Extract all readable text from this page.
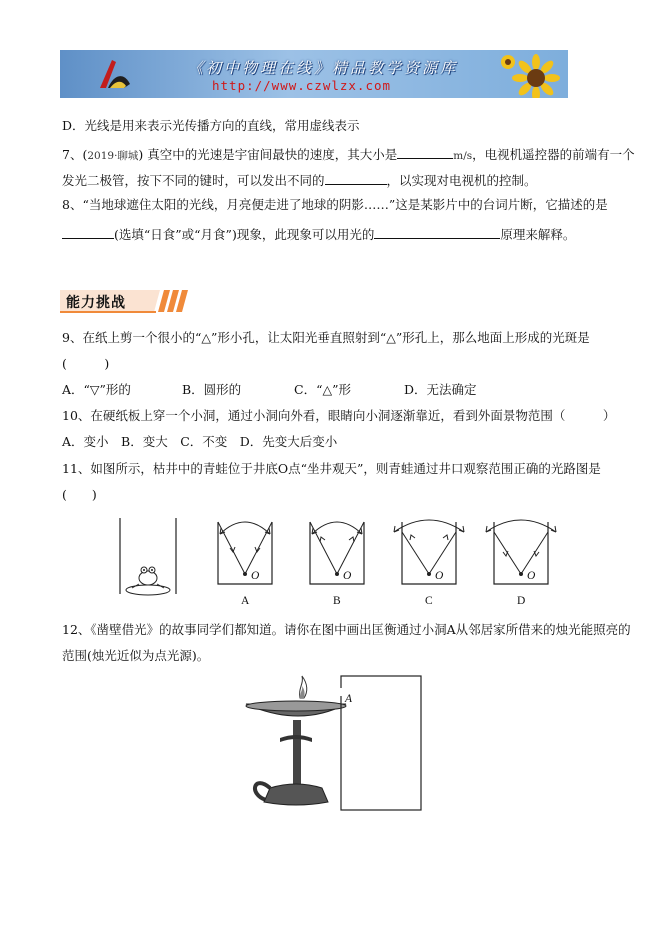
《初中物理在线》精品教学资源库
http://www.czwlzx.com
D．光线是用来表示光传播方向的直线，常用虚线表示
7、(2019·聊城) 真空中的光速是宇宙间最快的速度，其大小是	m/s，电视机遥控器的前端有一个
发光二极管，按下不同的键时，可以发出不同的	，以实现对电视机的控制。
8、“当地球遮住太阳的光线，月亮便走进了地球的阴影……”这是某影片中的台词片断，它描述的是
(选填“日食”或“月食”)现象，此现象可以用光的	原理来解释。
能力挑战
9、在纸上剪一个很小的“△”形小孔，让太阳光垂直照射到“△”形孔上，那么地面上形成的光斑是
(　　　)
A．“▽”形的	B．圆形的	C．“△”形	D．无法确定
10、在硬纸板上穿一个小洞，通过小洞向外看，眼睛向小洞逐渐靠近，看到外面景物范围（　　　）
A．变小　B．变大　C．不变　D．先变大后变小
11、如图所示，枯井中的青蛙位于井底O点“坐井观天”，则青蛙通过井口观察范围正确的光路图是
(　　)
O	O	O	O
A	B	C	D
12、《凿壁借光》的故事同学们都知道。请你在图中画出匡衡通过小洞A从邻居家所借来的烛光能照亮的
范围(烛光近似为点光源)。
A
